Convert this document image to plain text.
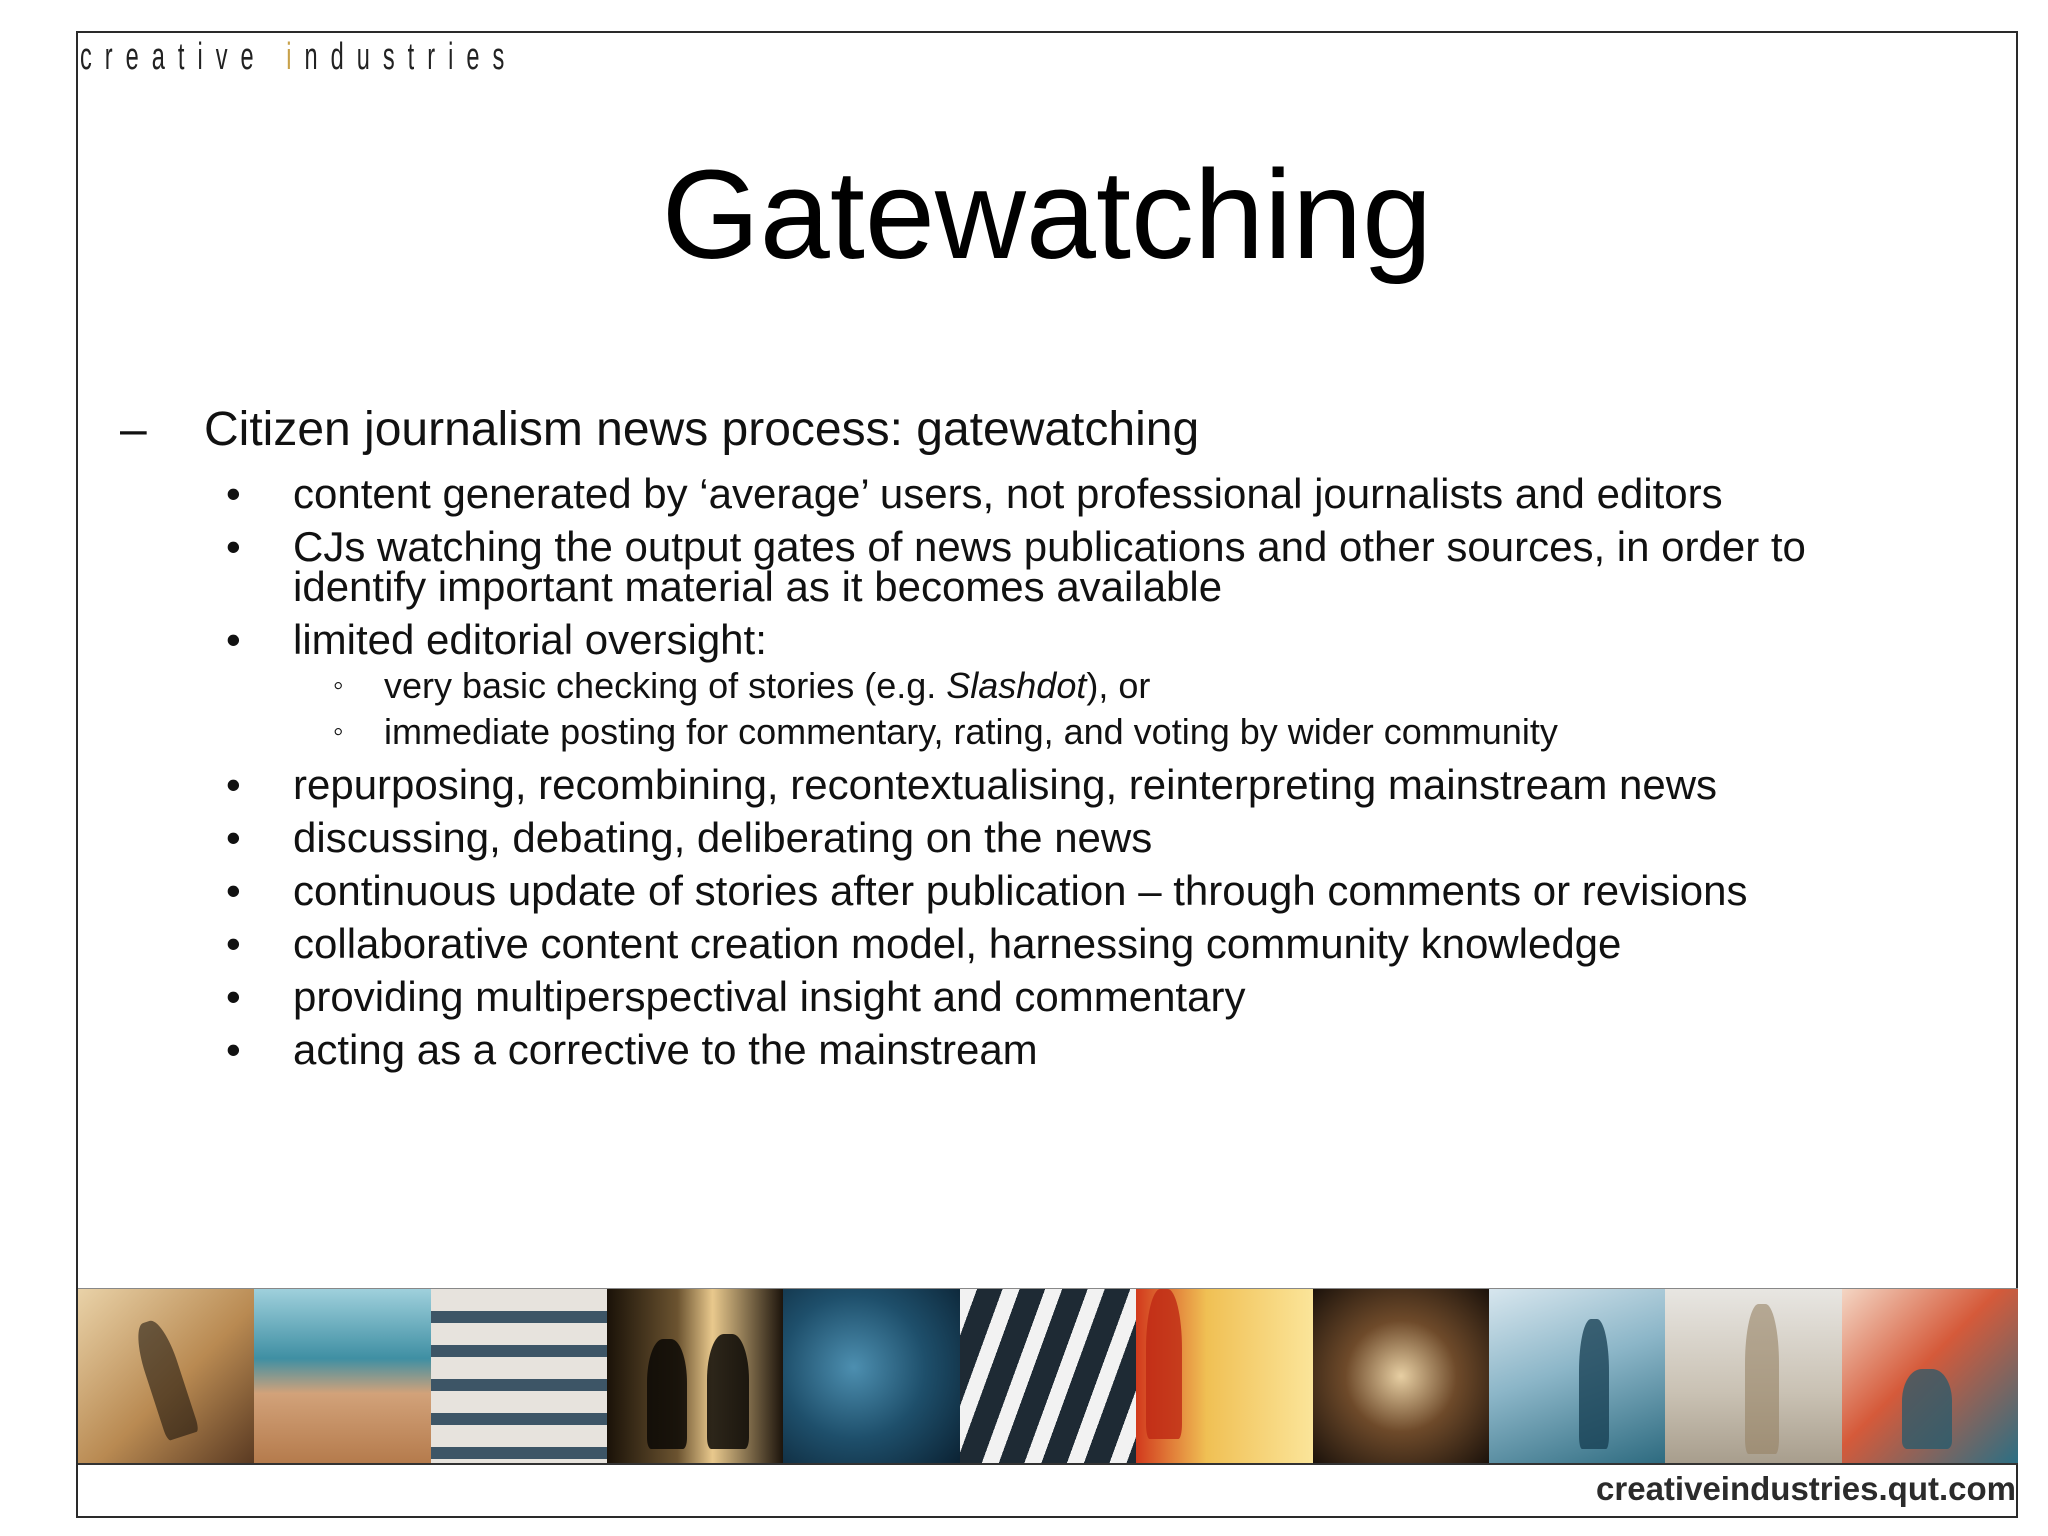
creative industries
Gatewatching
– Citizen journalism news process: gatewatching
• content generated by ‘average’ users, not professional journalists and editors
• CJs watching the output gates of news publications and other sources, in order to identify important material as it becomes available
• limited editorial oversight:
◦ very basic checking of stories (e.g. Slashdot), or
◦ immediate posting for commentary, rating, and voting by wider community
• repurposing, recombining, recontextualising, reinterpreting mainstream news
• discussing, debating, deliberating on the news
• continuous update of stories after publication – through comments or revisions
• collaborative content creation model, harnessing community knowledge
• providing multiperspectival insight and commentary
• acting as a corrective to the mainstream
creativeindustries.qut.com
